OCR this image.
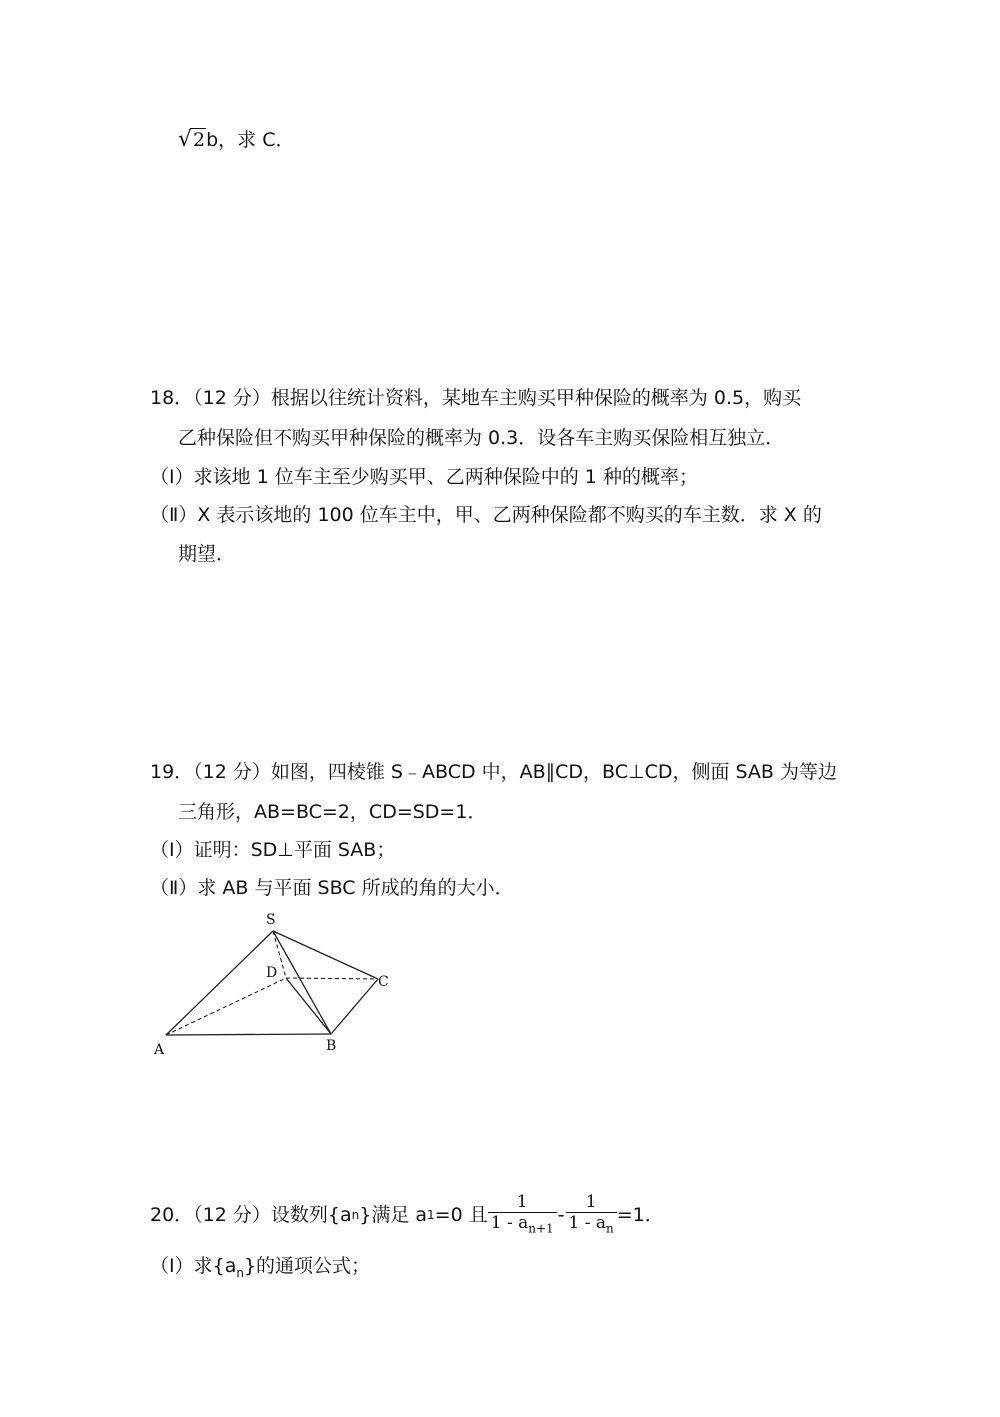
√2b，求 C．
18．（12 分）根据以往统计资料，某地车主购买甲种保险的概率为 0.5，购买
乙种保险但不购买甲种保险的概率为 0.3．设各车主购买保险相互独立．
（Ⅰ）求该地 1 位车主至少购买甲、乙两种保险中的 1 种的概率；
（Ⅱ）X 表示该地的 100 位车主中，甲、乙两种保险都不购买的车主数．求 X 的
期望．
19．（12 分）如图，四棱锥 S﹣ABCD 中，AB∥CD，BC⊥CD，侧面 SAB 为等边
三角形，AB=BC=2，CD=SD=1．
（Ⅰ）证明：SD⊥平面 SAB；
（Ⅱ）求 AB 与平面 SBC 所成的角的大小．
S
D
C
A	B
20．（12 分）设数列{a n }满足 a 1 =0 且 $\frac{1}{1 - a_{n+1}} - \frac{1}{1 - a_n} =1$．
（Ⅰ）求$\{a_n\}$的通项公式；
